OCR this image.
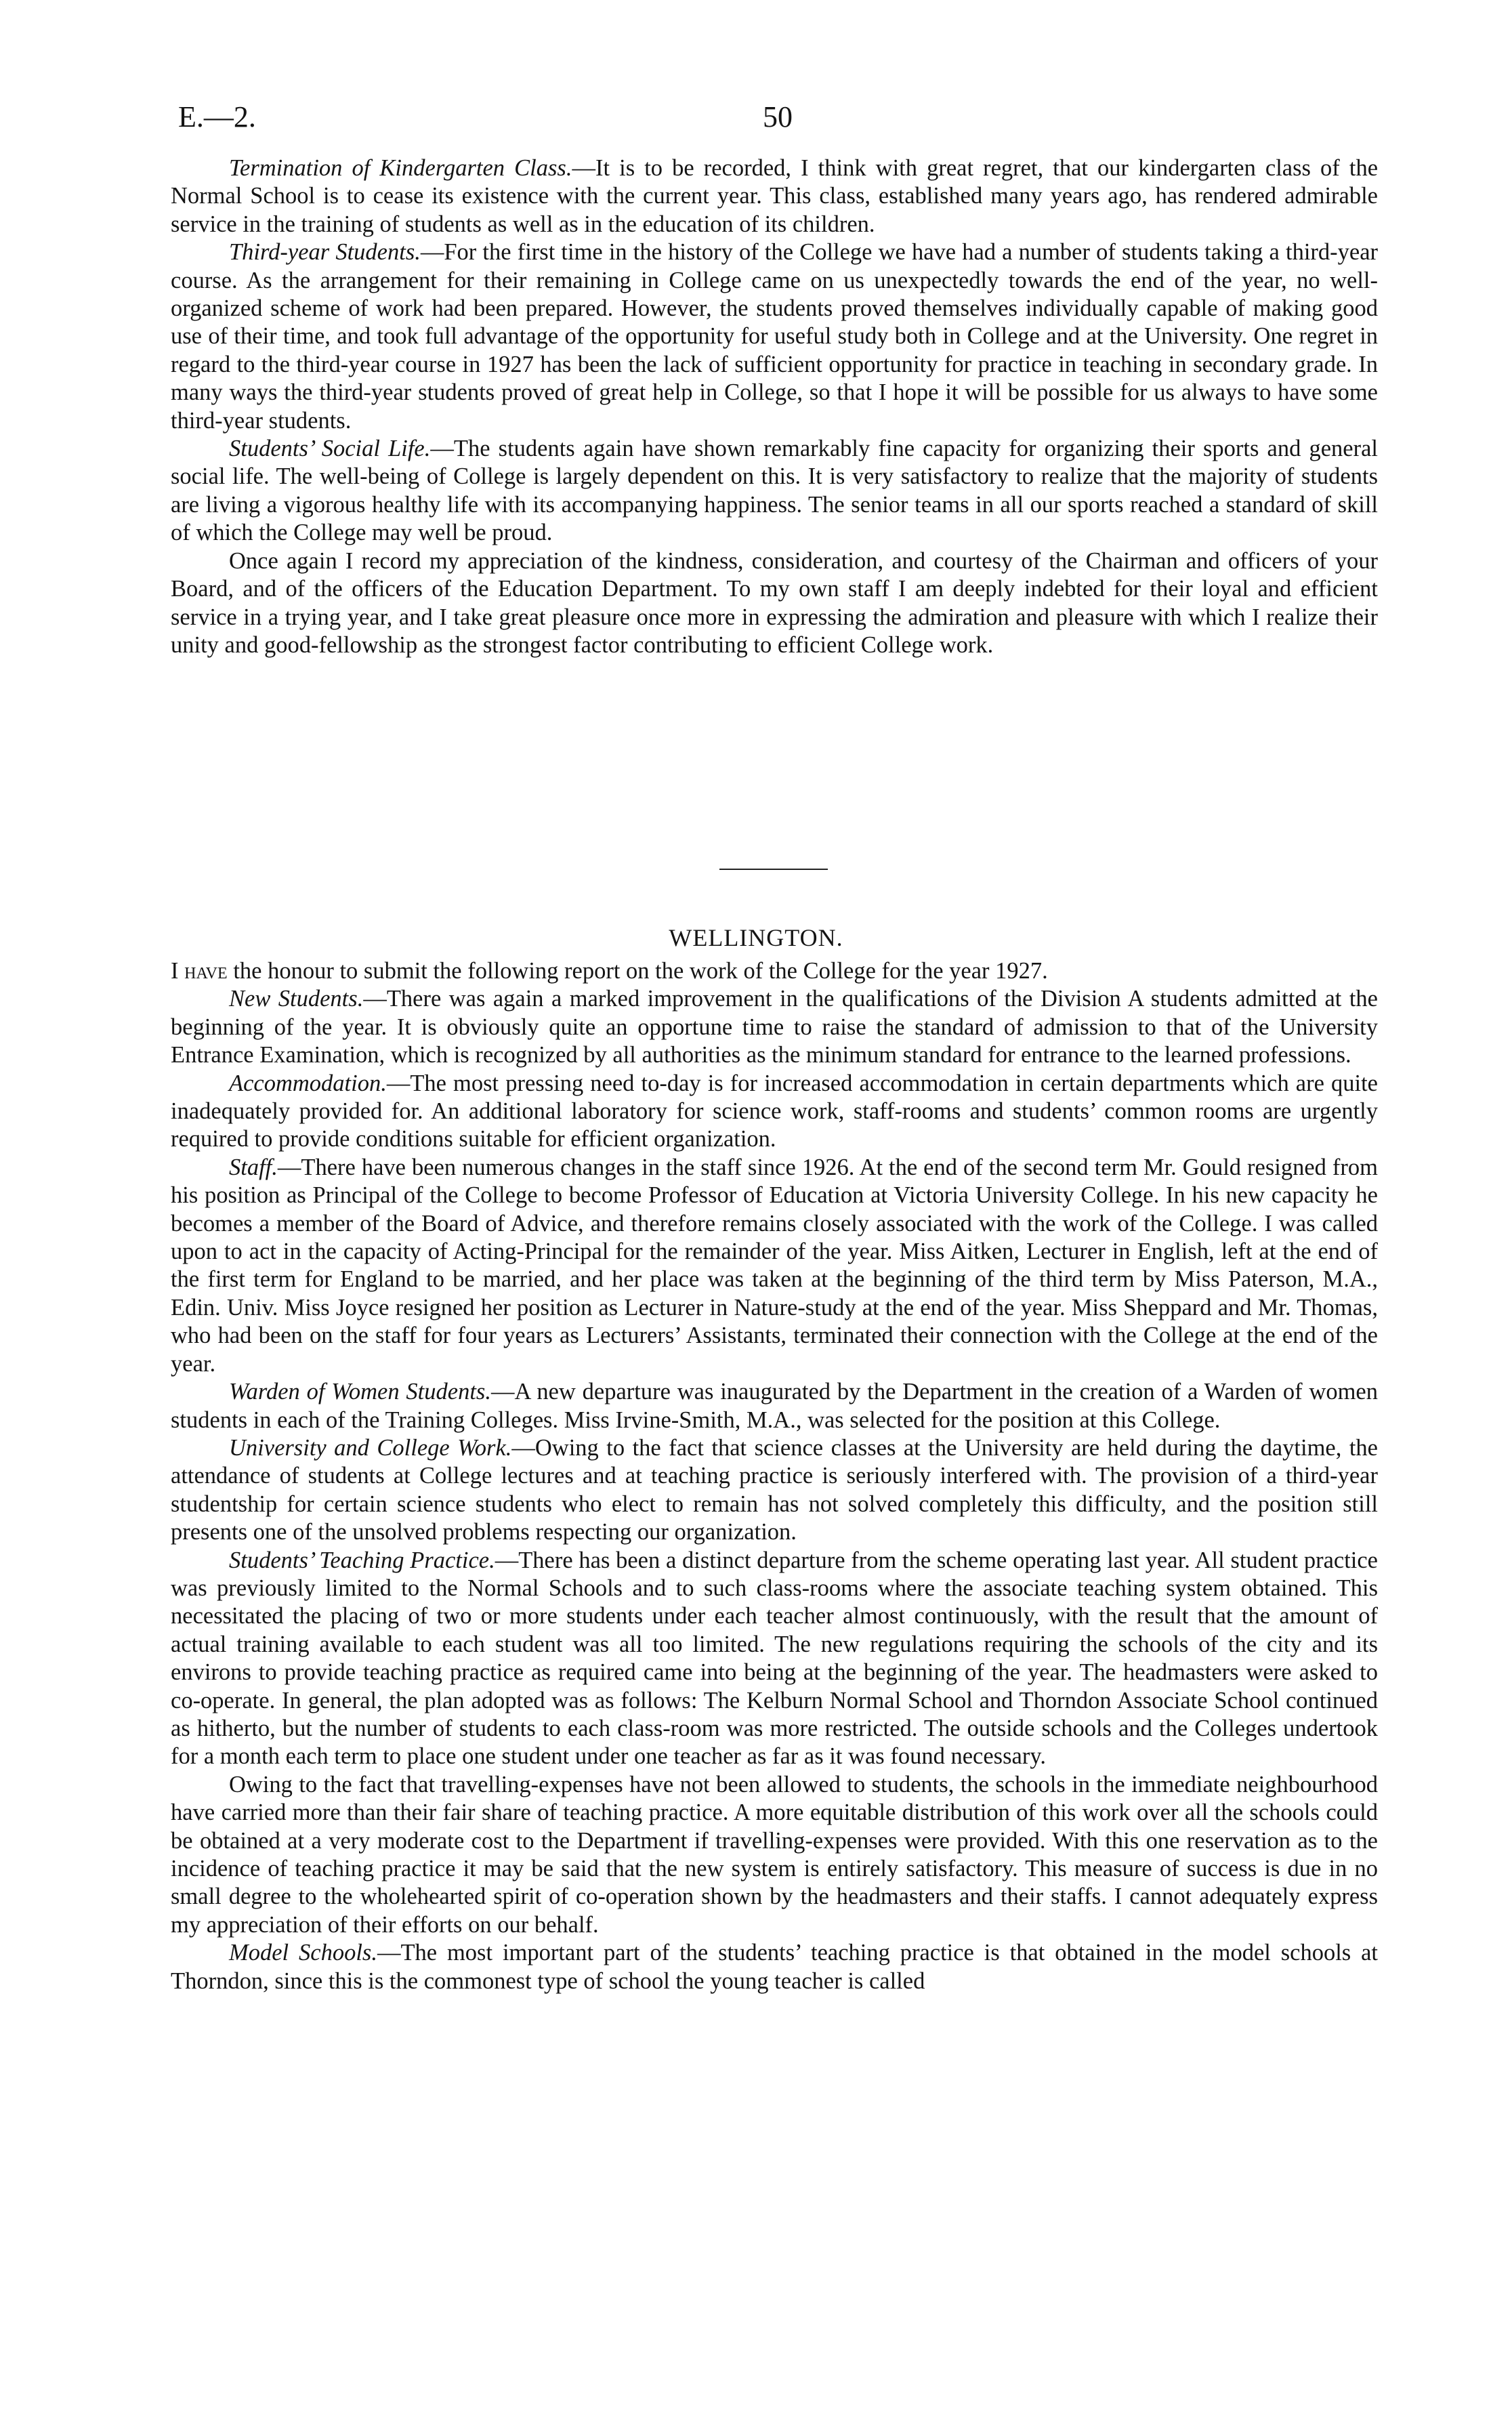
E.—2.	50

Termination of Kindergarten Class.—It is to be recorded, I think with great regret, that our kindergarten class of the Normal School is to cease its existence with the current year. This class, established many years ago, has rendered admirable service in the training of students as well as in the education of its children.

Third-year Students.—For the first time in the history of the College we have had a number of students taking a third-year course. As the arrangement for their remaining in College came on us unexpectedly towards the end of the year, no well-organized scheme of work had been prepared. However, the students proved themselves individually capable of making good use of their time, and took full advantage of the opportunity for useful study both in College and at the University. One regret in regard to the third-year course in 1927 has been the lack of sufficient opportunity for practice in teaching in secondary grade. In many ways the third-year students proved of great help in College, so that I hope it will be possible for us always to have some third-year students.

Students’ Social Life.—The students again have shown remarkably fine capacity for organizing their sports and general social life. The well-being of College is largely dependent on this. It is very satisfactory to realize that the majority of students are living a vigorous healthy life with its accompanying happiness. The senior teams in all our sports reached a standard of skill of which the College may well be proud.

Once again I record my appreciation of the kindness, consideration, and courtesy of the Chairman and officers of your Board, and of the officers of the Education Department. To my own staff I am deeply indebted for their loyal and efficient service in a trying year, and I take great pleasure once more in expressing the admiration and pleasure with which I realize their unity and good-fellowship as the strongest factor contributing to efficient College work.

WELLINGTON.

I have the honour to submit the following report on the work of the College for the year 1927.

New Students.—There was again a marked improvement in the qualifications of the Division A students admitted at the beginning of the year. It is obviously quite an opportune time to raise the standard of admission to that of the University Entrance Examination, which is recognized by all authorities as the minimum standard for entrance to the learned professions.

Accommodation.—The most pressing need to-day is for increased accommodation in certain departments which are quite inadequately provided for. An additional laboratory for science work, staff-rooms and students’ common rooms are urgently required to provide conditions suitable for efficient organization.

Staff.—There have been numerous changes in the staff since 1926. At the end of the second term Mr. Gould resigned from his position as Principal of the College to become Professor of Education at Victoria University College. In his new capacity he becomes a member of the Board of Advice, and therefore remains closely associated with the work of the College. I was called upon to act in the capacity of Acting-Principal for the remainder of the year. Miss Aitken, Lecturer in English, left at the end of the first term for England to be married, and her place was taken at the beginning of the third term by Miss Paterson, M.A., Edin. Univ. Miss Joyce resigned her position as Lecturer in Nature-study at the end of the year. Miss Sheppard and Mr. Thomas, who had been on the staff for four years as Lecturers’ Assistants, terminated their connection with the College at the end of the year.

Warden of Women Students.—A new departure was inaugurated by the Department in the creation of a Warden of women students in each of the Training Colleges. Miss Irvine-Smith, M.A., was selected for the position at this College.

University and College Work.—Owing to the fact that science classes at the University are held during the daytime, the attendance of students at College lectures and at teaching practice is seriously interfered with. The provision of a third-year studentship for certain science students who elect to remain has not solved completely this difficulty, and the position still presents one of the unsolved problems respecting our organization.

Students’ Teaching Practice.—There has been a distinct departure from the scheme operating last year. All student practice was previously limited to the Normal Schools and to such class-rooms where the associate teaching system obtained. This necessitated the placing of two or more students under each teacher almost continuously, with the result that the amount of actual training available to each student was all too limited. The new regulations requiring the schools of the city and its environs to provide teaching practice as required came into being at the beginning of the year. The headmasters were asked to co-operate. In general, the plan adopted was as follows: The Kelburn Normal School and Thorndon Associate School continued as hitherto, but the number of students to each class-room was more restricted. The outside schools and the Colleges undertook for a month each term to place one student under one teacher as far as it was found necessary.

Owing to the fact that travelling-expenses have not been allowed to students, the schools in the immediate neighbourhood have carried more than their fair share of teaching practice. A more equitable distribution of this work over all the schools could be obtained at a very moderate cost to the Department if travelling-expenses were provided. With this one reservation as to the incidence of teaching practice it may be said that the new system is entirely satisfactory. This measure of success is due in no small degree to the wholehearted spirit of co-operation shown by the headmasters and their staffs. I cannot adequately express my appreciation of their efforts on our behalf.

Model Schools.—The most important part of the students’ teaching practice is that obtained in the model schools at Thorndon, since this is the commonest type of school the young teacher is called
